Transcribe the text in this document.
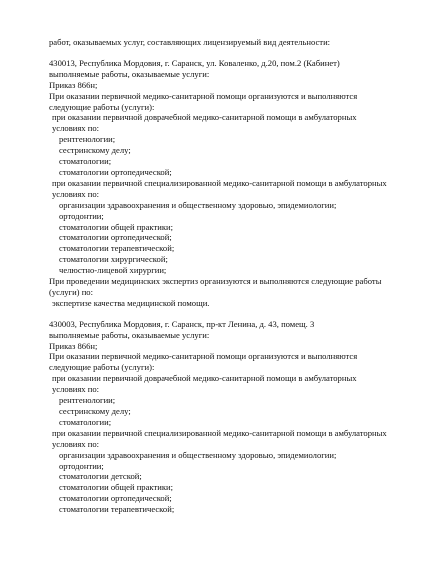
работ, оказываемых услуг, составляющих лицензируемый вид деятельности:
430013, Республика Мордовия, г. Саранск, ул. Коваленко, д.20, пом.2 (Кабинет)
выполняемые работы, оказываемые услуги:
Приказ 866н;
При оказании первичной медико-санитарной помощи организуются и выполняются следующие работы (услуги):
при оказании первичной доврачебной медико-санитарной помощи в амбулаторных условиях по:
рентгенологии;
сестринскому делу;
стоматологии;
стоматологии ортопедической;
при оказании первичной специализированной медико-санитарной помощи в амбулаторных условиях по:
организации здравоохранения и общественному здоровью, эпидемиологии;
ортодонтии;
стоматологии общей практики;
стоматологии ортопедической;
стоматологии терапевтической;
стоматологии хирургической;
челюстно-лицевой хирургии;
При проведении медицинских экспертиз организуются и выполняются следующие работы (услуги) по:
экспертизе качества медицинской помощи.
430003, Республика Мордовия, г. Саранск, пр-кт Ленина, д. 43, помещ. 3
выполняемые работы, оказываемые услуги:
Приказ 866н;
При оказании первичной медико-санитарной помощи организуются и выполняются следующие работы (услуги):
при оказании первичной доврачебной медико-санитарной помощи в амбулаторных условиях по:
рентгенологии;
сестринскому делу;
стоматологии;
при оказании первичной специализированной медико-санитарной помощи в амбулаторных условиях по:
организации здравоохранения и общественному здоровью, эпидемиологии;
ортодонтии;
стоматологии детской;
стоматологии общей практики;
стоматологии ортопедической;
стоматологии терапевтической;
